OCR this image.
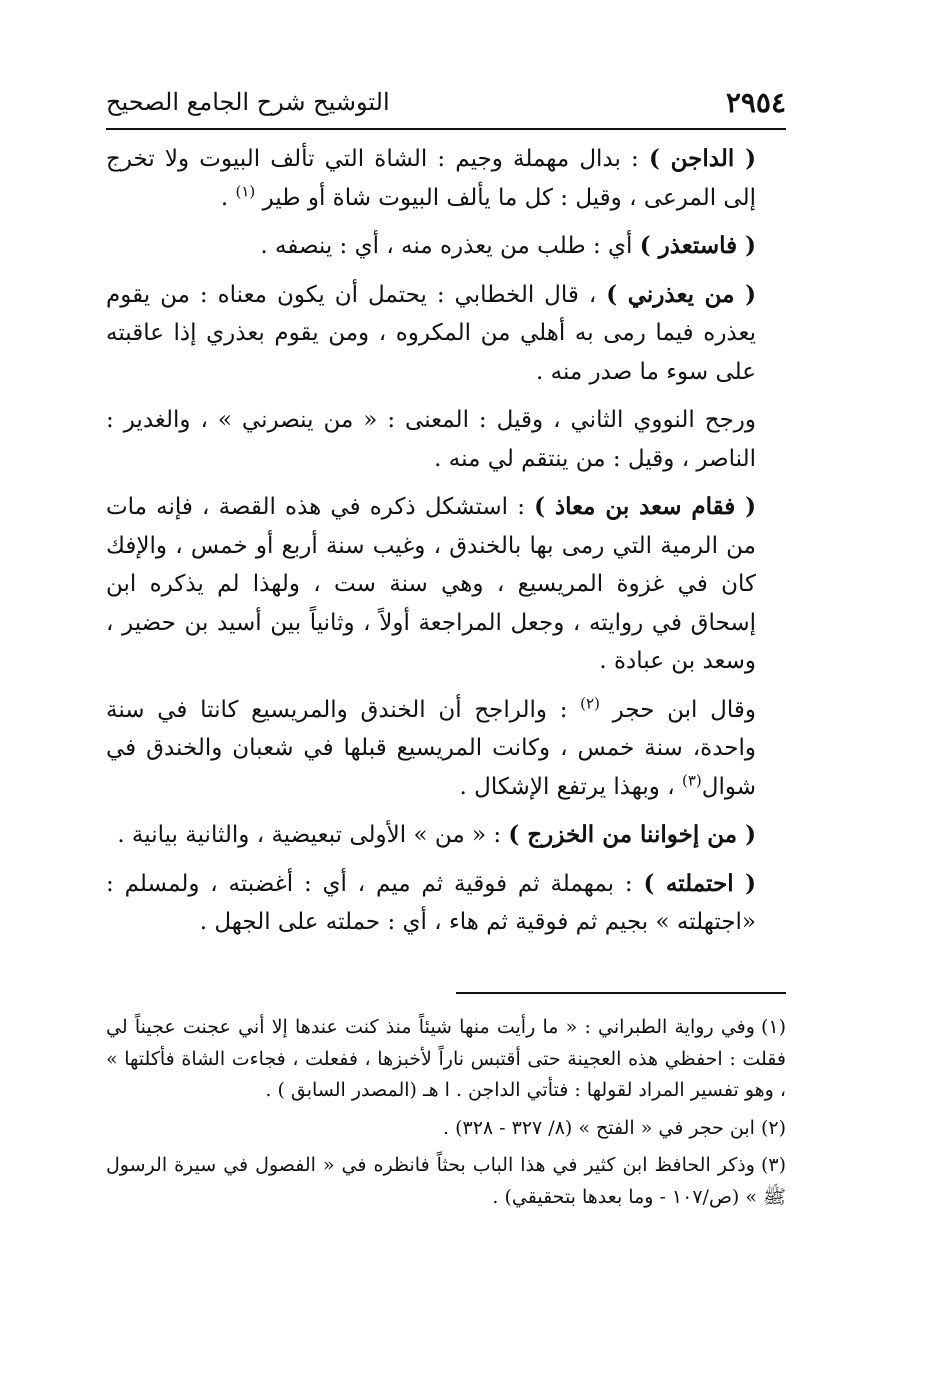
٢٩٥٤
التوشيح شرح الجامع الصحيح

( الداجن ) : بدال مهملة وجيم : الشاة التي تألف البيوت ولا تخرج إلى المرعى ، وقيل : كل ما يألف البيوت شاة أو طير $^{(١)}$ .

( فاستعذر ) أي : طلب من يعذره منه ، أي : ينصفه .

( من يعذرني ) ، قال الخطابي : يحتمل أن يكون معناه : من يقوم يعذره فيما رمى به أهلي من المكروه ، ومن يقوم بعذري إذا عاقبته على سوء ما صدر منه .

ورجح النووي الثاني ، وقيل : المعنى : « من ينصرني » ، والغدير : الناصر ، وقيل : من ينتقم لي منه .

( فقام سعد بن معاذ ) : استشكل ذكره في هذه القصة ، فإنه مات من الرمية التي رمى بها بالخندق ، وغيب سنة أربع أو خمس ، والإفك كان في غزوة المريسيع ، وهي سنة ست ، ولهذا لم يذكره ابن إسحاق في روايته ، وجعل المراجعة أولاً ، وثانياً بين أسيد بن حضير ، وسعد بن عبادة .

وقال ابن حجر $^{(٢)}$ : والراجح أن الخندق والمريسيع كانتا في سنة واحدة، سنة خمس ، وكانت المريسيع قبلها في شعبان والخندق في شوال$^{(٣)}$ ، وبهذا يرتفع الإشكال .

( من إخواننا من الخزرج ) : « من » الأولى تبعيضية ، والثانية بيانية .

( احتملته ) : بمهملة ثم فوقية ثم ميم ، أي : أغضبته ، ولمسلم : «اجتهلته » بجيم ثم فوقية ثم هاء ، أي : حملته على الجهل .

(١)وفي رواية الطبراني : « ما رأيت منها شيئاً منذ كنت عندها إلا أني عجنت عجيناً لي فقلت : احفظي هذه العجينة حتى أقتبس ناراً لأخبزها ، ففعلت ، فجاءت الشاة فأكلتها » ، وهو تفسير المراد لقولها : فتأتي الداجن . ا هـ (المصدر السابق ) .

(٢)ابن حجر في « الفتح » (٨/ ٣٢٧ - ٣٢٨) .

(٣)وذكر الحافظ ابن كثير في هذا الباب بحثاً فانظره في « الفصول في سيرة الرسول ﷺ » (ص/١٠٧ - وما بعدها بتحقيقي) .
